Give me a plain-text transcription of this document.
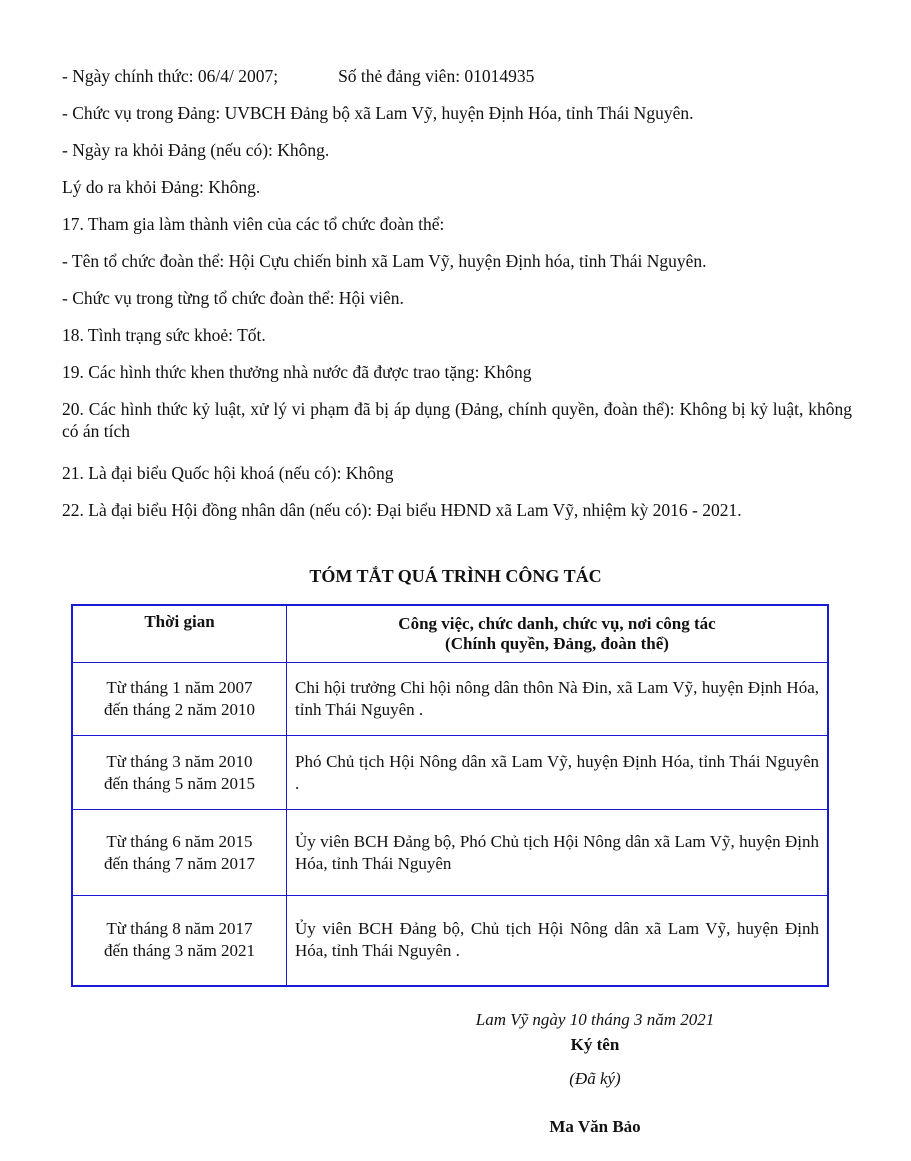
- Ngày chính thức: 06/4/ 2007;	Số thẻ đảng viên: 01014935
- Chức vụ trong Đảng: UVBCH Đảng bộ xã Lam Vỹ, huyện Định Hóa, tỉnh Thái Nguyên.
- Ngày ra khỏi Đảng (nếu có): Không.
Lý do ra khỏi Đảng: Không.
17. Tham gia làm thành viên của các tổ chức đoàn thể:
- Tên tổ chức đoàn thể: Hội Cựu chiến binh xã Lam Vỹ, huyện Định hóa, tỉnh Thái Nguyên.
- Chức vụ trong từng tổ chức đoàn thể: Hội viên.
18. Tình trạng sức khoẻ: Tốt.
19. Các hình thức khen thưởng nhà nước đã được trao tặng: Không
20. Các hình thức kỷ luật, xử lý vi phạm đã bị áp dụng (Đảng, chính quyền, đoàn thể): Không bị kỷ luật, không có án tích
21. Là đại biểu Quốc hội khoá (nếu có): Không
22. Là đại biểu Hội đồng nhân dân (nếu có): Đại biểu HĐND xã Lam Vỹ, nhiệm kỳ 2016 - 2021.
TÓM TẮT QUÁ TRÌNH CÔNG TÁC
Thời gian	Công việc, chức danh, chức vụ, nơi công tác
(Chính quyền, Đảng, đoàn thể)

Từ tháng 1 năm 2007
đến tháng 2 năm 2010	Chi hội trưởng Chi hội nông dân thôn Nà Đin, xã Lam Vỹ, huyện Định Hóa, tỉnh Thái Nguyên .

Từ tháng 3 năm 2010
đến tháng 5 năm 2015	Phó Chủ tịch Hội Nông dân xã Lam Vỹ, huyện Định Hóa, tỉnh Thái Nguyên .

Từ tháng 6 năm 2015
đến tháng 7 năm 2017	Ủy viên BCH Đảng bộ, Phó Chủ tịch Hội Nông dân xã Lam Vỹ, huyện Định Hóa, tỉnh Thái Nguyên

Từ tháng 8 năm 2017
đến tháng 3 năm 2021	Ủy viên BCH Đảng bộ, Chủ tịch Hội Nông dân xã Lam Vỹ, huyện Định Hóa, tỉnh Thái Nguyên .
Lam Vỹ ngày 10 tháng 3 năm 2021
Ký tên
(Đã ký)
Ma Văn Bảo
